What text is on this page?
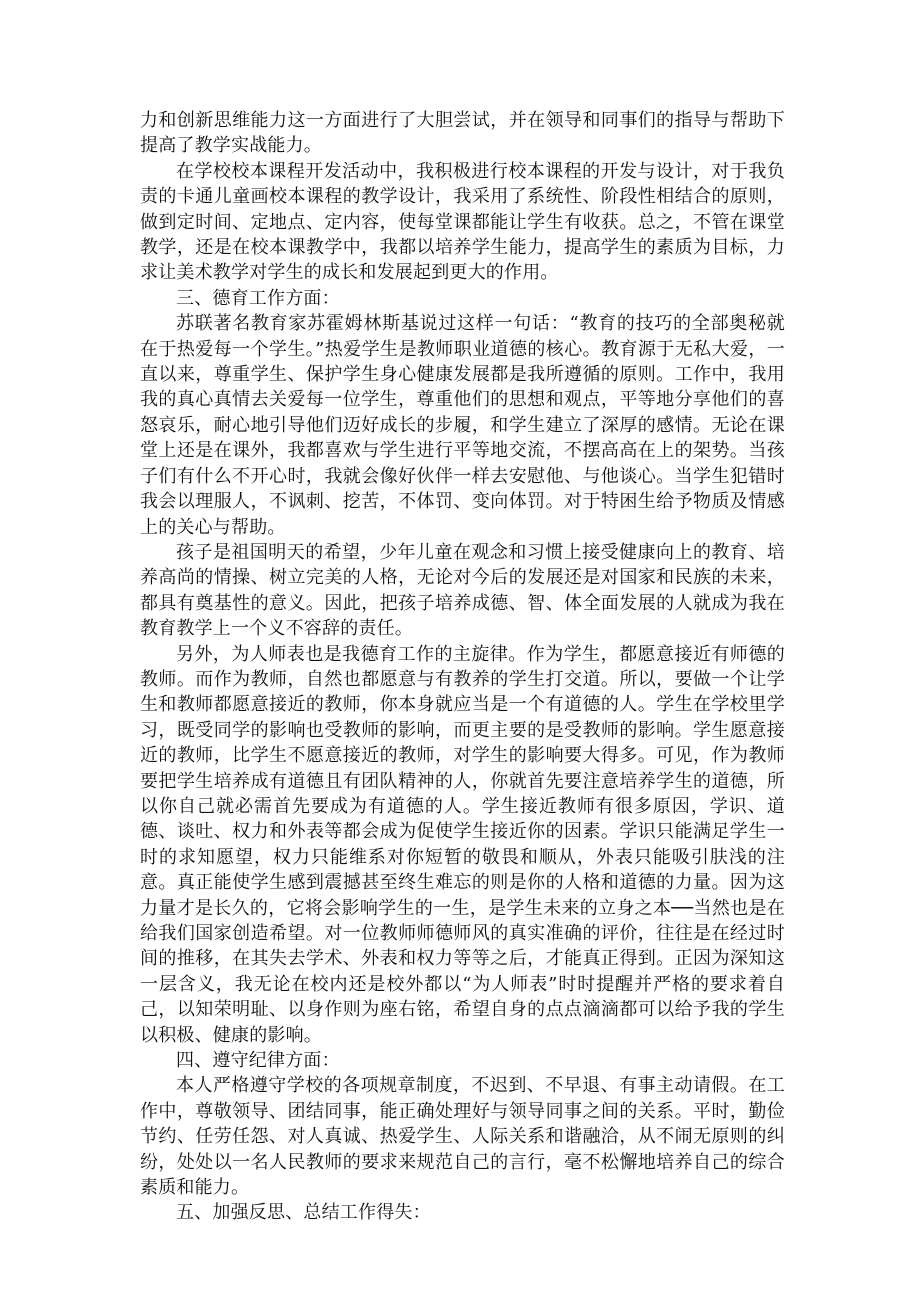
力和创新思维能力这一方面进行了大胆尝试，并在领导和同事们的指导与帮助下提高了教学实战能力。

在学校校本课程开发活动中，我积极进行校本课程的开发与设计，对于我负责的卡通儿童画校本课程的教学设计，我采用了系统性、阶段性相结合的原则，做到定时间、定地点、定内容，使每堂课都能让学生有收获。总之，不管在课堂教学，还是在校本课教学中，我都以培养学生能力，提高学生的素质为目标，力求让美术教学对学生的成长和发展起到更大的作用。

三、德育工作方面：

苏联著名教育家苏霍姆林斯基说过这样一句话：“教育的技巧的全部奥秘就在于热爱每一个学生。”热爱学生是教师职业道德的核心。教育源于无私大爱，一直以来，尊重学生、保护学生身心健康发展都是我所遵循的原则。工作中，我用我的真心真情去关爱每一位学生，尊重他们的思想和观点，平等地分享他们的喜怒哀乐，耐心地引导他们迈好成长的步履，和学生建立了深厚的感情。无论在课堂上还是在课外，我都喜欢与学生进行平等地交流，不摆高高在上的架势。当孩子们有什么不开心时，我就会像好伙伴一样去安慰他、与他谈心。当学生犯错时我会以理服人，不讽刺、挖苦，不体罚、变向体罚。对于特困生给予物质及情感上的关心与帮助。

孩子是祖国明天的希望，少年儿童在观念和习惯上接受健康向上的教育、培养高尚的情操、树立完美的人格，无论对今后的发展还是对国家和民族的未来，都具有奠基性的意义。因此，把孩子培养成德、智、体全面发展的人就成为我在教育教学上一个义不容辞的责任。

另外，为人师表也是我德育工作的主旋律。作为学生，都愿意接近有师德的教师。而作为教师，自然也都愿意与有教养的学生打交道。所以，要做一个让学生和教师都愿意接近的教师，你本身就应当是一个有道德的人。学生在学校里学习，既受同学的影响也受教师的影响，而更主要的是受教师的影响。学生愿意接近的教师，比学生不愿意接近的教师，对学生的影响要大得多。可见，作为教师要把学生培养成有道德且有团队精神的人，你就首先要注意培养学生的道德，所以你自己就必需首先要成为有道德的人。学生接近教师有很多原因，学识、道德、谈吐、权力和外表等都会成为促使学生接近你的因素。学识只能满足学生一时的求知愿望，权力只能维系对你短暂的敬畏和顺从，外表只能吸引肤浅的注意。真正能使学生感到震撼甚至终生难忘的则是你的人格和道德的力量。因为这力量才是长久的，它将会影响学生的一生，是学生未来的立身之本──当然也是在给我们国家创造希望。对一位教师师德师风的真实准确的评价，往往是在经过时间的推移，在其失去学术、外表和权力等等之后，才能真正得到。正因为深知这一层含义，我无论在校内还是校外都以“为人师表”时时提醒并严格的要求着自己，以知荣明耻、以身作则为座右铭，希望自身的点点滴滴都可以给予我的学生以积极、健康的影响。

四、遵守纪律方面：

本人严格遵守学校的各项规章制度，不迟到、不早退、有事主动请假。在工作中，尊敬领导、团结同事，能正确处理好与领导同事之间的关系。平时，勤俭节约、任劳任怨、对人真诚、热爱学生、人际关系和谐融洽，从不闹无原则的纠纷，处处以一名人民教师的要求来规范自己的言行，毫不松懈地培养自己的综合素质和能力。

五、加强反思、总结工作得失：
